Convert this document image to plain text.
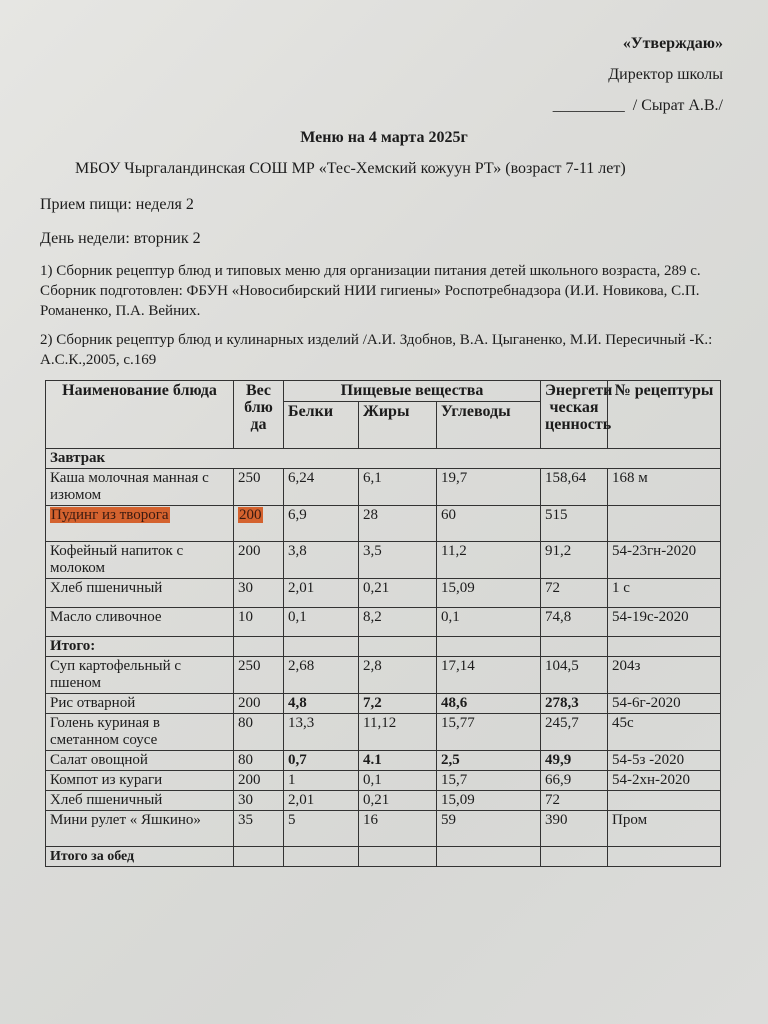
«Утверждаю»
Директор школы
_________  / Сырат А.В./
Меню на 4 марта 2025г
МБОУ Чыргаландинская СОШ МР «Тес-Хемский кожуун РТ» (возраст 7-11 лет)
Прием пищи: неделя 2
День недели: вторник 2
1) Сборник рецептур блюд и типовых меню для организации питания детей школьного возраста, 289 с. Сборник подготовлен: ФБУН «Новосибирский НИИ гигиены» Роспотребнадзора (И.И. Новикова, С.П. Романенко, П.А. Вейних.
2) Сборник рецептур блюд и кулинарных изделий /А.И. Здобнов, В.А. Цыганенко, М.И. Пересичный -К.: А.С.К.,2005, с.169
Наименование блюда	Вес блю да	Пищевые вещества			Энергети ческая ценность	№ рецептуры
		Белки	Жиры	Углеводы		
Завтрак						
Каша молочная манная с изюмом	250	6,24	6,1	19,7	158,64	168 м
Пудинг из творога	200	6,9	28	60	515	
Кофейный напиток с молоком	200	3,8	3,5	11,2	91,2	54-23гн-2020
Хлеб пшеничный	30	2,01	0,21	15,09	72	1 с
Масло сливочное	10	0,1	8,2	0,1	74,8	54-19с-2020
Итого:						
Суп картофельный с пшеном	250	2,68	2,8	17,14	104,5	204з
Рис отварной	200	4,8	7,2	48,6	278,3	54-6г-2020
Голень куриная в сметанном соусе	80	13,3	11,12	15,77	245,7	45с
Салат овощной	80	0,7	4.1	2,5	49,9	54-5з -2020
Компот из кураги	200	1	0,1	15,7	66,9	54-2хн-2020
Хлеб пшеничный	30	2,01	0,21	15,09	72	
Мини рулет « Яшкино»	35	5	16	59	390	Пром
Итого за обед						
